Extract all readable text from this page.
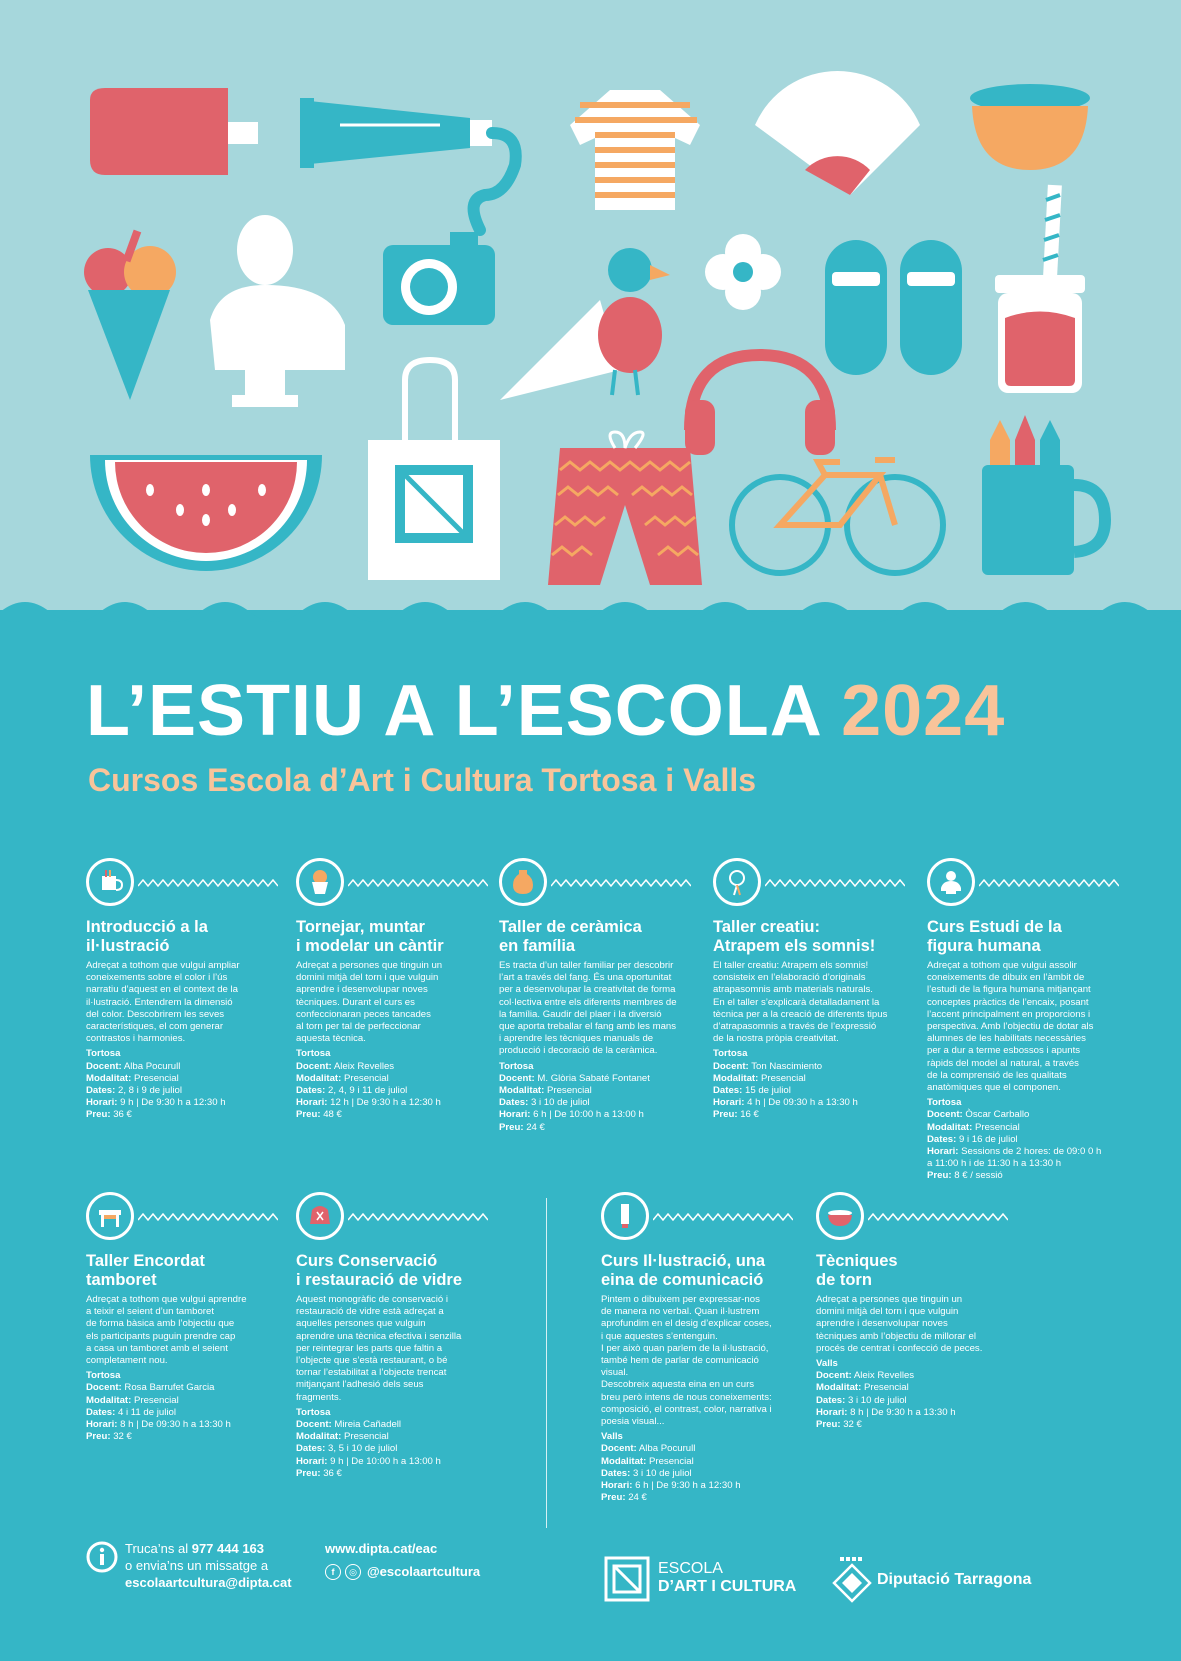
L’ESTIU A L’ESCOLA 2024
Cursos Escola d’Art i Cultura Tortosa i Valls
Introducció a la
il·lustració
Adreçat a tothom que vulgui ampliar
coneixements sobre el color i l’ús
narratiu d’aquest en el context de la
il·lustració. Entendrem la dimensió
del color. Descobrirem les seves
característiques, el com generar
contrastos i harmonies.
Tortosa
Docent: Alba Pocurull
Modalitat: Presencial
Dates: 2, 8 i 9 de juliol
Horari: 9 h | De 9:30 h a 12:30 h
Preu: 36 €
Tornejar, muntar
i modelar un càntir
Adreçat a persones que tinguin un
domini mitjà del torn i que vulguin
aprendre i desenvolupar noves
tècniques. Durant el curs es
confeccionaran peces tancades
al torn per tal de perfeccionar
aquesta tècnica.
Tortosa
Docent: Aleix Revelles
Modalitat: Presencial
Dates: 2, 4, 9 i 11 de juliol
Horari: 12 h | De 9:30 h a 12:30 h
Preu: 48 €
Taller de ceràmica
en família
Es tracta d’un taller familiar per descobrir
l’art a través del fang. És una oportunitat
per a desenvolupar la creativitat de forma
col·lectiva entre els diferents membres de
la família. Gaudir del plaer i la diversió
que aporta treballar el fang amb les mans
i aprendre les tècniques manuals de
producció i decoració de la ceràmica.
Tortosa
Docent: M. Glòria Sabaté Fontanet
Modalitat: Presencial
Dates: 3 i 10 de juliol
Horari: 6 h | De 10:00 h a 13:00 h
Preu: 24 €
Taller creatiu:
Atrapem els somnis!
El taller creatiu: Atrapem els somnis!
consisteix en l’elaboració d’originals
atrapasomnis amb materials naturals.
En el taller s’explicarà detalladament la
tècnica per a la creació de diferents tipus
d’atrapasomnis a través de l’expressió
de la nostra pròpia creativitat.
Tortosa
Docent: Ton Nascimiento
Modalitat: Presencial
Dates: 15 de juliol
Horari: 4 h | De 09:30 h a 13:30 h
Preu: 16 €
Curs Estudi de la
figura humana
Adreçat a tothom que vulgui assolir
coneixements de dibuix en l’àmbit de
l’estudi de la figura humana mitjançant
conceptes pràctics de l’encaix, posant
l’accent principalment en proporcions i
perspectiva. Amb l’objectiu de dotar als
alumnes de les habilitats necessàries
per a dur a terme esbossos i apunts
ràpids del model al natural, a través
de la comprensió de les qualitats
anatòmiques que el componen.
Tortosa
Docent: Òscar Carballo
Modalitat: Presencial
Dates: 9 i 16 de juliol
Horari: Sessions de 2 hores: de 09:0 0 h
a 11:00 h i de 11:30 h a 13:30 h
Preu: 8 € / sessió
Taller Encordat
tamboret
Adreçat a tothom que vulgui aprendre
a teixir el seient d’un tamboret
de forma bàsica amb l’objectiu que
els participants puguin prendre cap
a casa un tamboret amb el seient
completament nou.
Tortosa
Docent: Rosa Barrufet Garcia
Modalitat: Presencial
Dates: 4 i 11 de juliol
Horari: 8 h | De 09:30 h a 13:30 h
Preu: 32 €
Curs Conservació
i restauració de vidre
Aquest monogràfic de conservació i
restauració de vidre està adreçat a
aquelles persones que vulguin
aprendre una tècnica efectiva i senzilla
per reintegrar les parts que faltin a
l’objecte que s’està restaurant, o bé
tornar l’estabilitat a l’objecte trencat
mitjançant l’adhesió dels seus
fragments.
Tortosa
Docent: Mireia Cañadell
Modalitat: Presencial
Dates: 3, 5 i 10 de juliol
Horari: 9 h | De 10:00 h a 13:00 h
Preu: 36 €
Curs Il·lustració, una
eina de comunicació
Pintem o dibuixem per expressar-nos
de manera no verbal. Quan il·lustrem
aprofundim en el desig d’explicar coses,
i que aquestes s’entenguin.
I per això quan parlem de la il·lustració,
també hem de parlar de comunicació
visual.
Descobreix aquesta eina en un curs
breu però intens de nous coneixements:
composició, el contrast, color, narrativa i
poesia visual...
Valls
Docent: Alba Pocurull
Modalitat: Presencial
Dates: 3 i 10 de juliol
Horari: 6 h | De 9:30 h a 12:30 h
Preu: 24 €
Tècniques
de torn
Adreçat a persones que tinguin un
domini mitjà del torn i que vulguin
aprendre i desenvolupar noves
tècniques amb l’objectiu de millorar el
procés de centrat i confecció de peces.
Valls
Docent: Aleix Revelles
Modalitat: Presencial
Dates: 3 i 10 de juliol
Horari: 8 h | De 9:30 h a 13:30 h
Preu: 32 €
Truca’ns al 977 444 163
o envia’ns un missatge a
escolaartcultura@dipta.cat
www.dipta.cat/eac
f	◎ @escolaartcultura	ESCOLA
D’ART I CULTURA	Diputació Tarragona
